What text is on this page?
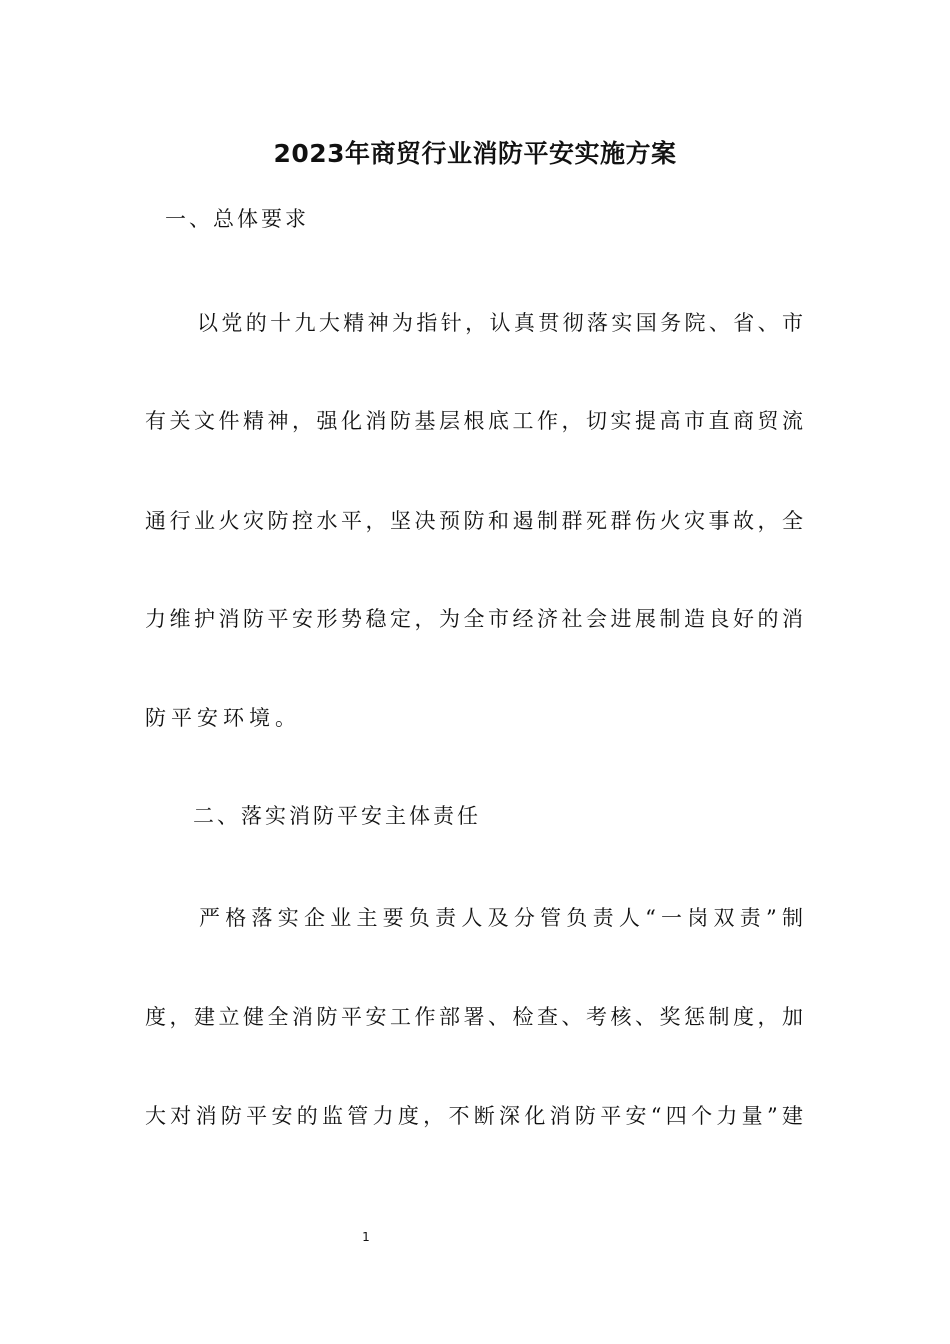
2023年商贸行业消防平安实施方案
一、总体要求
以党的十九大精神为指针，认真贯彻落实国务院、省、市
有关文件精神，强化消防基层根底工作，切实提高市直商贸流
通行业火灾防控水平，坚决预防和遏制群死群伤火灾事故，全
力维护消防平安形势稳定，为全市经济社会进展制造良好的消
防平安环境。
二、落实消防平安主体责任
严格落实企业主要负责人及分管负责人“一岗双责”制
度，建立健全消防平安工作部署、检查、考核、奖惩制度，加
大对消防平安的监管力度，不断深化消防平安“四个力量”建
1
